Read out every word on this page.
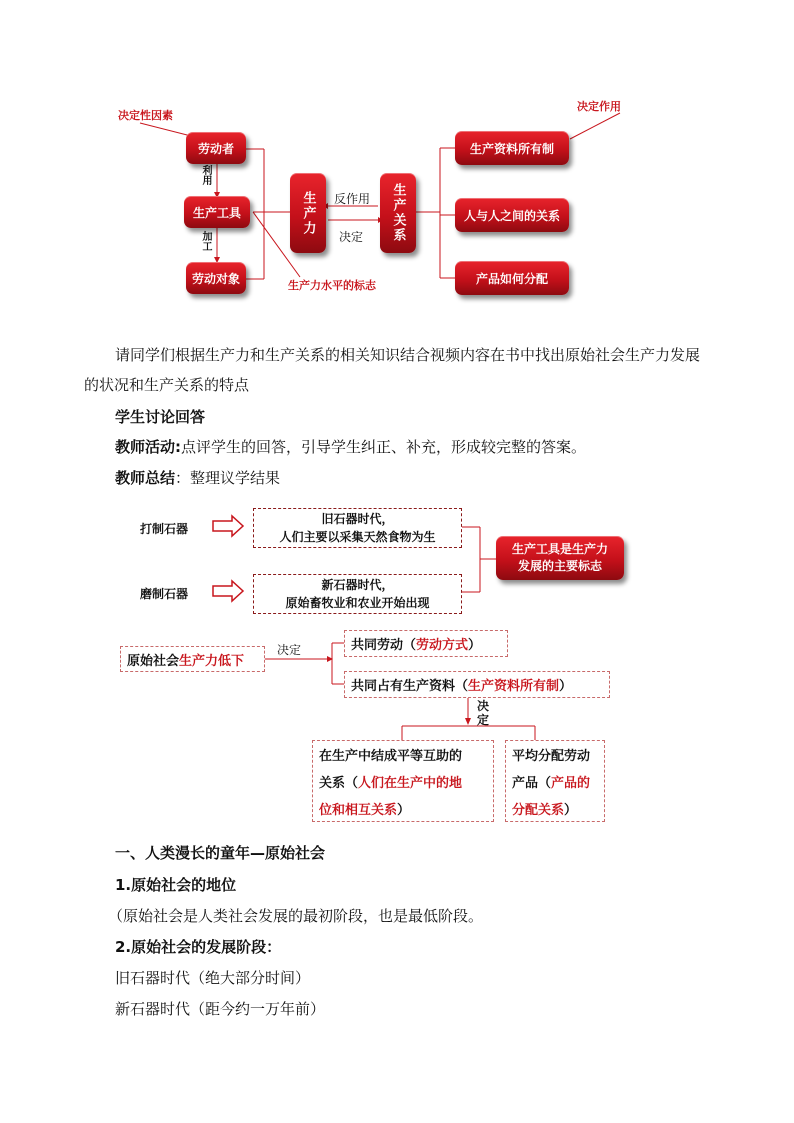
决定性因素
决定作用
生产力水平的标志
劳动者
生产工具
劳动对象
利用
加工
生产力	生产关系
反作用
决定
生产资料所有制
人与人之间的关系
产品如何分配
请同学们根据生产力和生产关系的相关知识结合视频内容在书中找出原始社会生产力发展的状况和生产关系的特点
学生讨论回答
教师活动:点评学生的回答，引导学生纠正、补充，形成较完整的答案。
教师总结：整理议学结果
打制石器
磨制石器
旧石器时代，
人们主要以采集天然食物为生
新石器时代，
原始畜牧业和农业开始出现
生产工具是生产力
发展的主要标志
原始社会 生产力低下
决定	共同劳动（ 劳动方式 ）
共同占有生产资料（ 生产资料所有制 ）
决定
在生产中结成平等互助的
关系（人们在生产中的地
位和相互关系）
平均分配劳动
产品（产品的
分配关系）
一、人类漫长的童年—原始社会
1.原始社会的地位
（原始社会是人类社会发展的最初阶段，也是最低阶段。
2.原始社会的发展阶段：
旧石器时代（绝大部分时间）
新石器时代（距今约一万年前）
